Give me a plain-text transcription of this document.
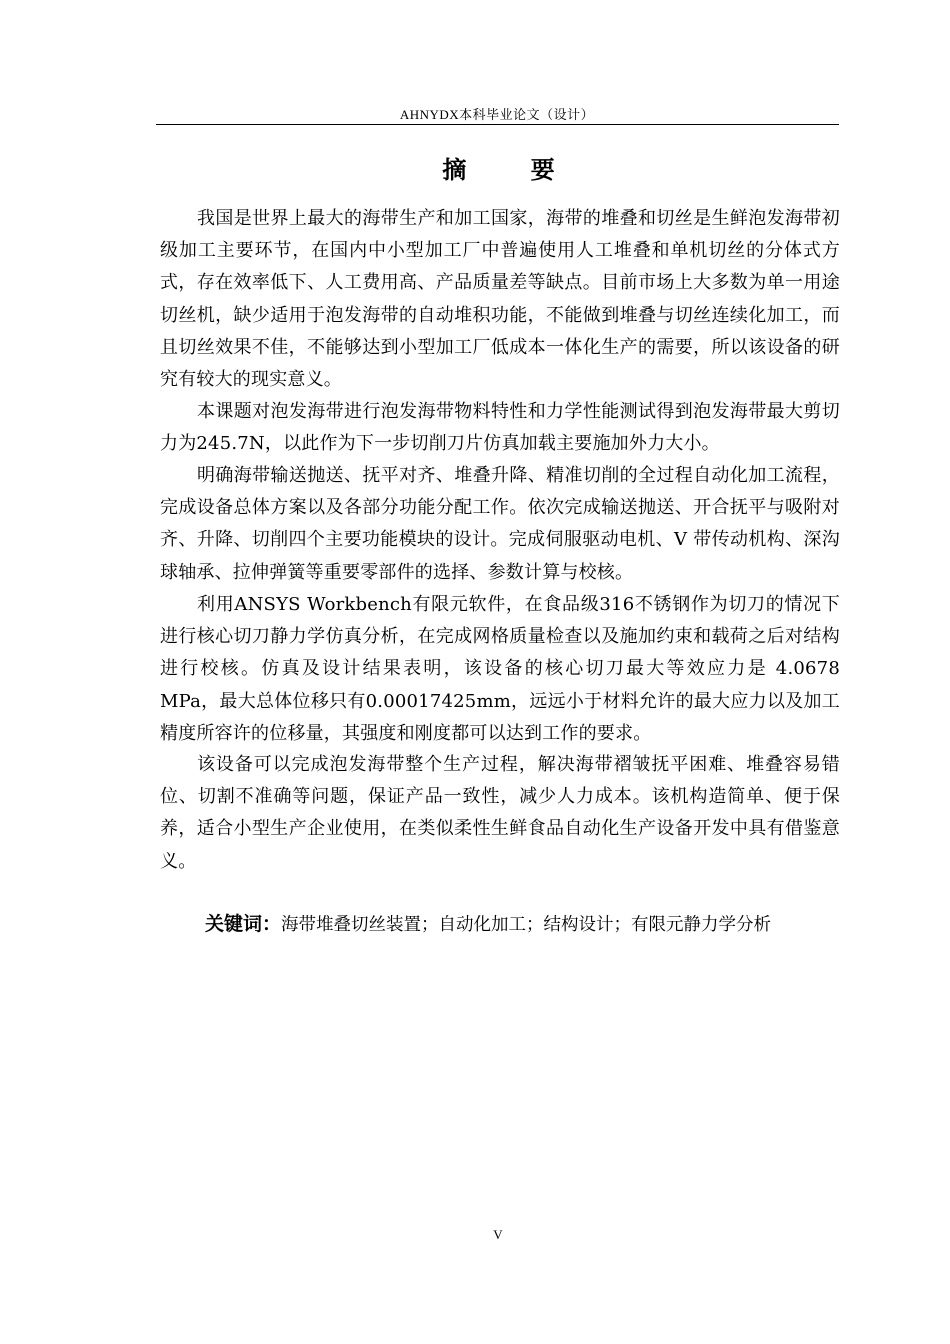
AHNYDX本科毕业论文（设计）
摘 要

我国是世界上最大的海带生产和加工国家，海带的堆叠和切丝是生鲜泡发海带初级加工主要环节，在国内中小型加工厂中普遍使用人工堆叠和单机切丝的分体式方式，存在效率低下、人工费用高、产品质量差等缺点。目前市场上大多数为单一用途切丝机，缺少适用于泡发海带的自动堆积功能，不能做到堆叠与切丝连续化加工，而且切丝效果不佳，不能够达到小型加工厂低成本一体化生产的需要，所以该设备的研究有较大的现实意义。

本课题对泡发海带进行泡发海带物料特性和力学性能测试得到泡发海带最大剪切力为245.7N，以此作为下一步切削刀片仿真加载主要施加外力大小。

明确海带输送抛送、抚平对齐、堆叠升降、精准切削的全过程自动化加工流程，完成设备总体方案以及各部分功能分配工作。依次完成输送抛送、开合抚平与吸附对齐、升降、切削四个主要功能模块的设计。完成伺服驱动电机、V 带传动机构、深沟球轴承、拉伸弹簧等重要零部件的选择、参数计算与校核。

利用ANSYS Workbench有限元软件，在食品级316不锈钢作为切刀的情况下进行核心切刀静力学仿真分析，在完成网格质量检查以及施加约束和载荷之后对结构进行校核。仿真及设计结果表明，该设备的核心切刀最大等效应力是 4.0678 MPa，最大总体位移只有0.00017425mm，远远小于材料允许的最大应力以及加工精度所容许的位移量，其强度和刚度都可以达到工作的要求。

该设备可以完成泡发海带整个生产过程，解决海带褶皱抚平困难、堆叠容易错位、切割不准确等问题，保证产品一致性，减少人力成本。该机构造简单、便于保养，适合小型生产企业使用，在类似柔性生鲜食品自动化生产设备开发中具有借鉴意义。

关键词：海带堆叠切丝装置；自动化加工；结构设计；有限元静力学分析
V
